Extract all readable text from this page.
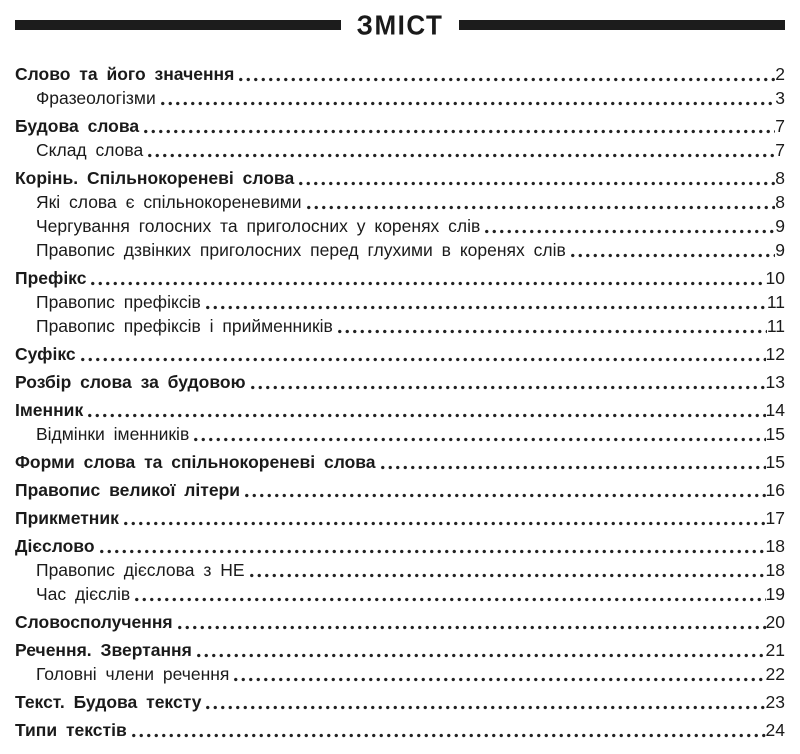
ЗМІСТ
Слово та його значення	2
Фразеологізми	3
Будова слова	7
Склад слова	7
Корінь. Спільнокореневі слова	8
Які слова є спільнокореневими	8
Чергування голосних та приголосних у коренях слів	9
Правопис дзвінких приголосних перед глухими в коренях слів	9
Префікс	10
Правопис префіксів	11
Правопис префіксів і прийменників	11
Суфікс	12
Розбір слова за будовою	13
Іменник	14
Відмінки іменників	15
Форми слова та спільнокореневі слова	15
Правопис великої літери	16
Прикметник	17
Дієслово	18
Правопис дієслова з НЕ	18
Час дієслів	19
Словосполучення	20
Речення. Звертання	21
Головні члени речення	22
Текст. Будова тексту	23
Типи текстів	24
